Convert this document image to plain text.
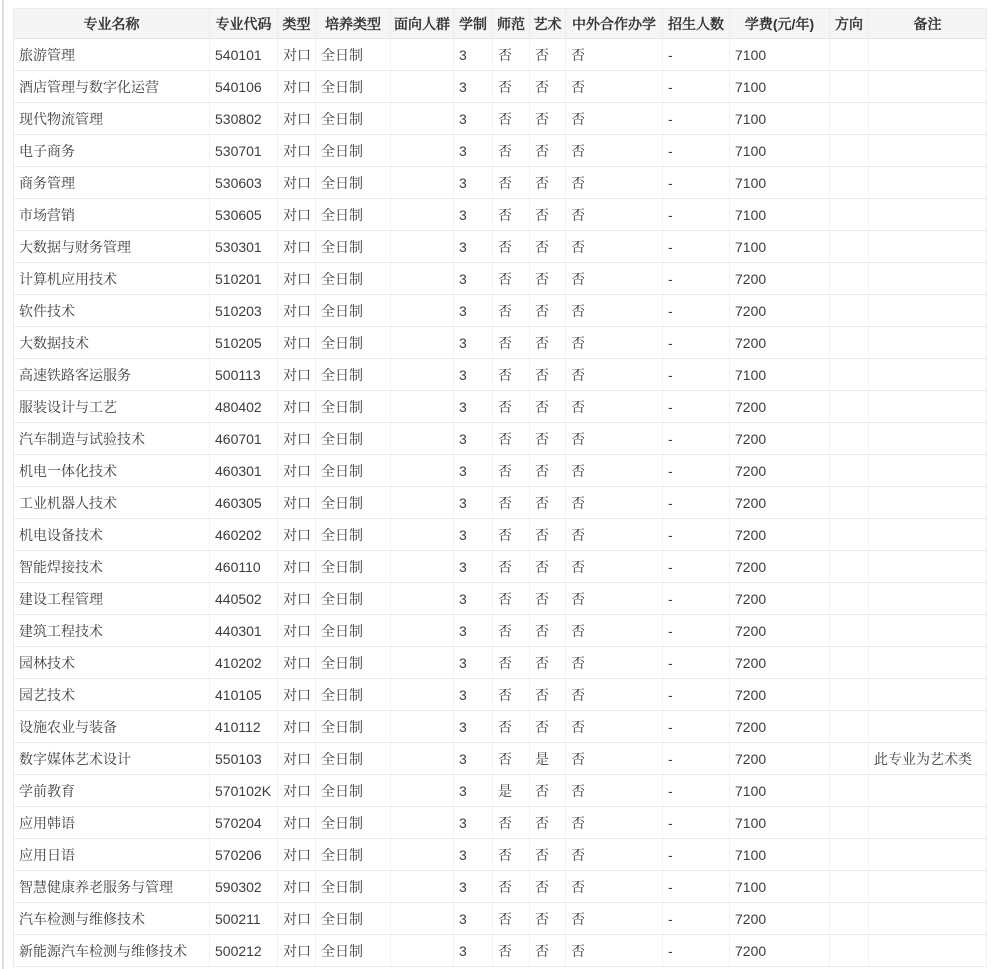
专业名称	专业代码	类型	培养类型	面向人群	学制	师范	艺术	中外合作办学	招生人数	学费(元/年)	方向	备注
旅游管理	540101	对口	全日制		3	否	否	否	-	7100		
酒店管理与数字化运营	540106	对口	全日制		3	否	否	否	-	7100		
现代物流管理	530802	对口	全日制		3	否	否	否	-	7100		
电子商务	530701	对口	全日制		3	否	否	否	-	7100		
商务管理	530603	对口	全日制		3	否	否	否	-	7100		
市场营销	530605	对口	全日制		3	否	否	否	-	7100		
大数据与财务管理	530301	对口	全日制		3	否	否	否	-	7100		
计算机应用技术	510201	对口	全日制		3	否	否	否	-	7200		
软件技术	510203	对口	全日制		3	否	否	否	-	7200		
大数据技术	510205	对口	全日制		3	否	否	否	-	7200		
高速铁路客运服务	500113	对口	全日制		3	否	否	否	-	7100		
服装设计与工艺	480402	对口	全日制		3	否	否	否	-	7200		
汽车制造与试验技术	460701	对口	全日制		3	否	否	否	-	7200		
机电一体化技术	460301	对口	全日制		3	否	否	否	-	7200		
工业机器人技术	460305	对口	全日制		3	否	否	否	-	7200		
机电设备技术	460202	对口	全日制		3	否	否	否	-	7200		
智能焊接技术	460110	对口	全日制		3	否	否	否	-	7200		
建设工程管理	440502	对口	全日制		3	否	否	否	-	7200		
建筑工程技术	440301	对口	全日制		3	否	否	否	-	7200		
园林技术	410202	对口	全日制		3	否	否	否	-	7200		
园艺技术	410105	对口	全日制		3	否	否	否	-	7200		
设施农业与装备	410112	对口	全日制		3	否	否	否	-	7200		
数字媒体艺术设计	550103	对口	全日制		3	否	是	否	-	7200		此专业为艺术类
学前教育	570102K	对口	全日制		3	是	否	否	-	7100		
应用韩语	570204	对口	全日制		3	否	否	否	-	7100		
应用日语	570206	对口	全日制		3	否	否	否	-	7100		
智慧健康养老服务与管理	590302	对口	全日制		3	否	否	否	-	7100		
汽车检测与维修技术	500211	对口	全日制		3	否	否	否	-	7200		
新能源汽车检测与维修技术	500212	对口	全日制		3	否	否	否	-	7200		
